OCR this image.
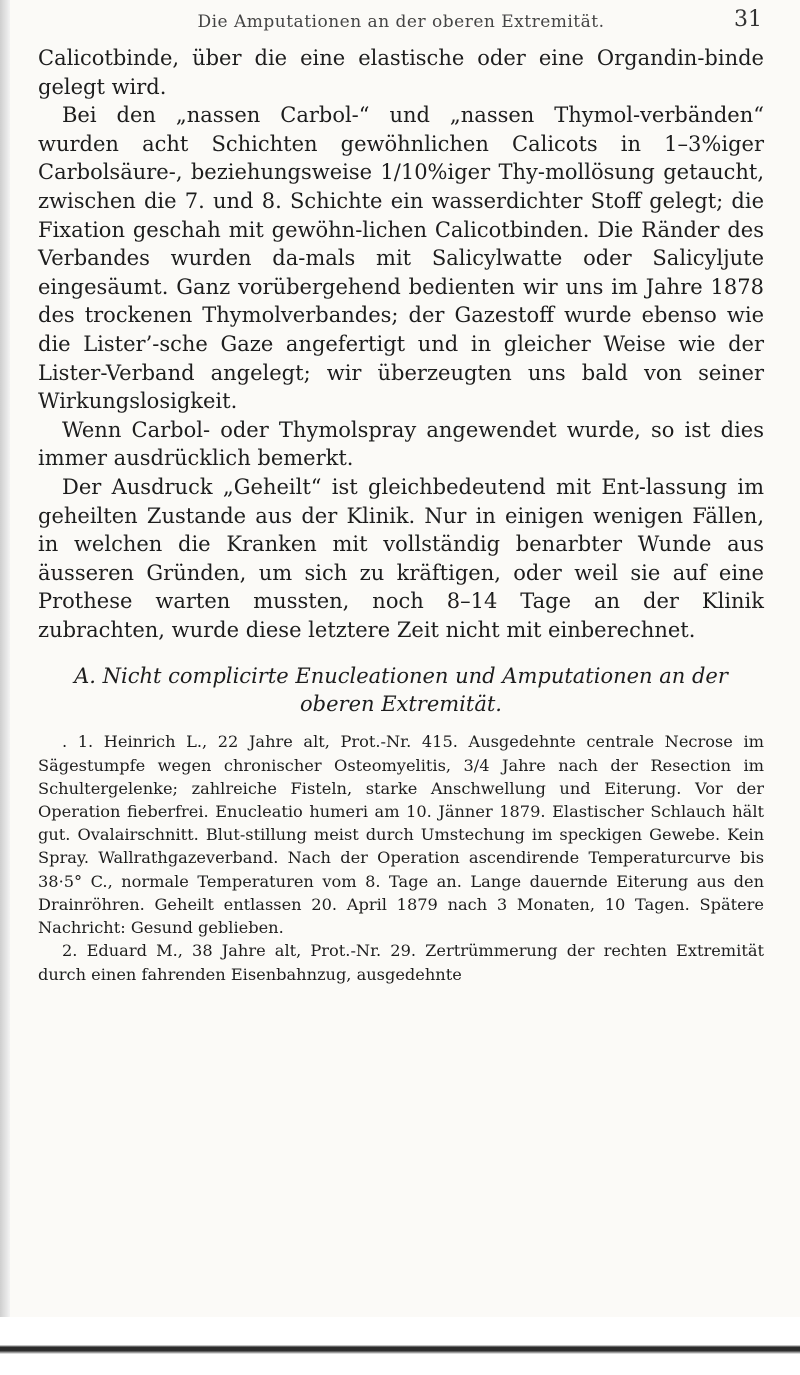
Die Amputationen an der oberen Extremität.	31

Calicotbinde, über die eine elastische oder eine Organdin-binde gelegt wird.

Bei den „nassen Carbol-“ und „nassen Thymol-verbänden“ wurden acht Schichten gewöhnlichen Calicots in 1–3%iger Carbolsäure-, beziehungsweise 1/10%iger Thy-mollösung getaucht, zwischen die 7. und 8. Schichte ein wasserdichter Stoff gelegt; die Fixation geschah mit gewöhn-lichen Calicotbinden. Die Ränder des Verbandes wurden da-mals mit Salicylwatte oder Salicyljute eingesäumt. Ganz vorübergehend bedienten wir uns im Jahre 1878 des trockenen Thymolverbandes; der Gazestoff wurde ebenso wie die Lister’-sche Gaze angefertigt und in gleicher Weise wie der Lister-Verband angelegt; wir überzeugten uns bald von seiner Wirkungslosigkeit.

Wenn Carbol- oder Thymolspray angewendet wurde, so ist dies immer ausdrücklich bemerkt.

Der Ausdruck „Geheilt“ ist gleichbedeutend mit Ent-lassung im geheilten Zustande aus der Klinik. Nur in einigen wenigen Fällen, in welchen die Kranken mit vollständig benarbter Wunde aus äusseren Gründen, um sich zu kräftigen, oder weil sie auf eine Prothese warten mussten, noch 8–14 Tage an der Klinik zubrachten, wurde diese letztere Zeit nicht mit einberechnet.

A. Nicht complicirte Enucleationen und Amputationen an der oberen Extremität.

. 1. Heinrich L., 22 Jahre alt, Prot.-Nr. 415. Ausgedehnte centrale Necrose im Sägestumpfe wegen chronischer Osteomyelitis, 3/4 Jahre nach der Resection im Schultergelenke; zahlreiche Fisteln, starke Anschwellung und Eiterung. Vor der Operation fieberfrei. Enucleatio humeri am 10. Jänner 1879. Elastischer Schlauch hält gut. Ovalairschnitt. Blut-stillung meist durch Umstechung im speckigen Gewebe. Kein Spray. Wallrathgazeverband. Nach der Operation ascendirende Temperaturcurve bis 38·5° C., normale Temperaturen vom 8. Tage an. Lange dauernde Eiterung aus den Drainröhren. Geheilt entlassen 20. April 1879 nach 3 Monaten, 10 Tagen. Spätere Nachricht: Gesund geblieben.

2. Eduard M., 38 Jahre alt, Prot.-Nr. 29. Zertrümmerung der rechten Extremität durch einen fahrenden Eisenbahnzug, ausgedehnte
